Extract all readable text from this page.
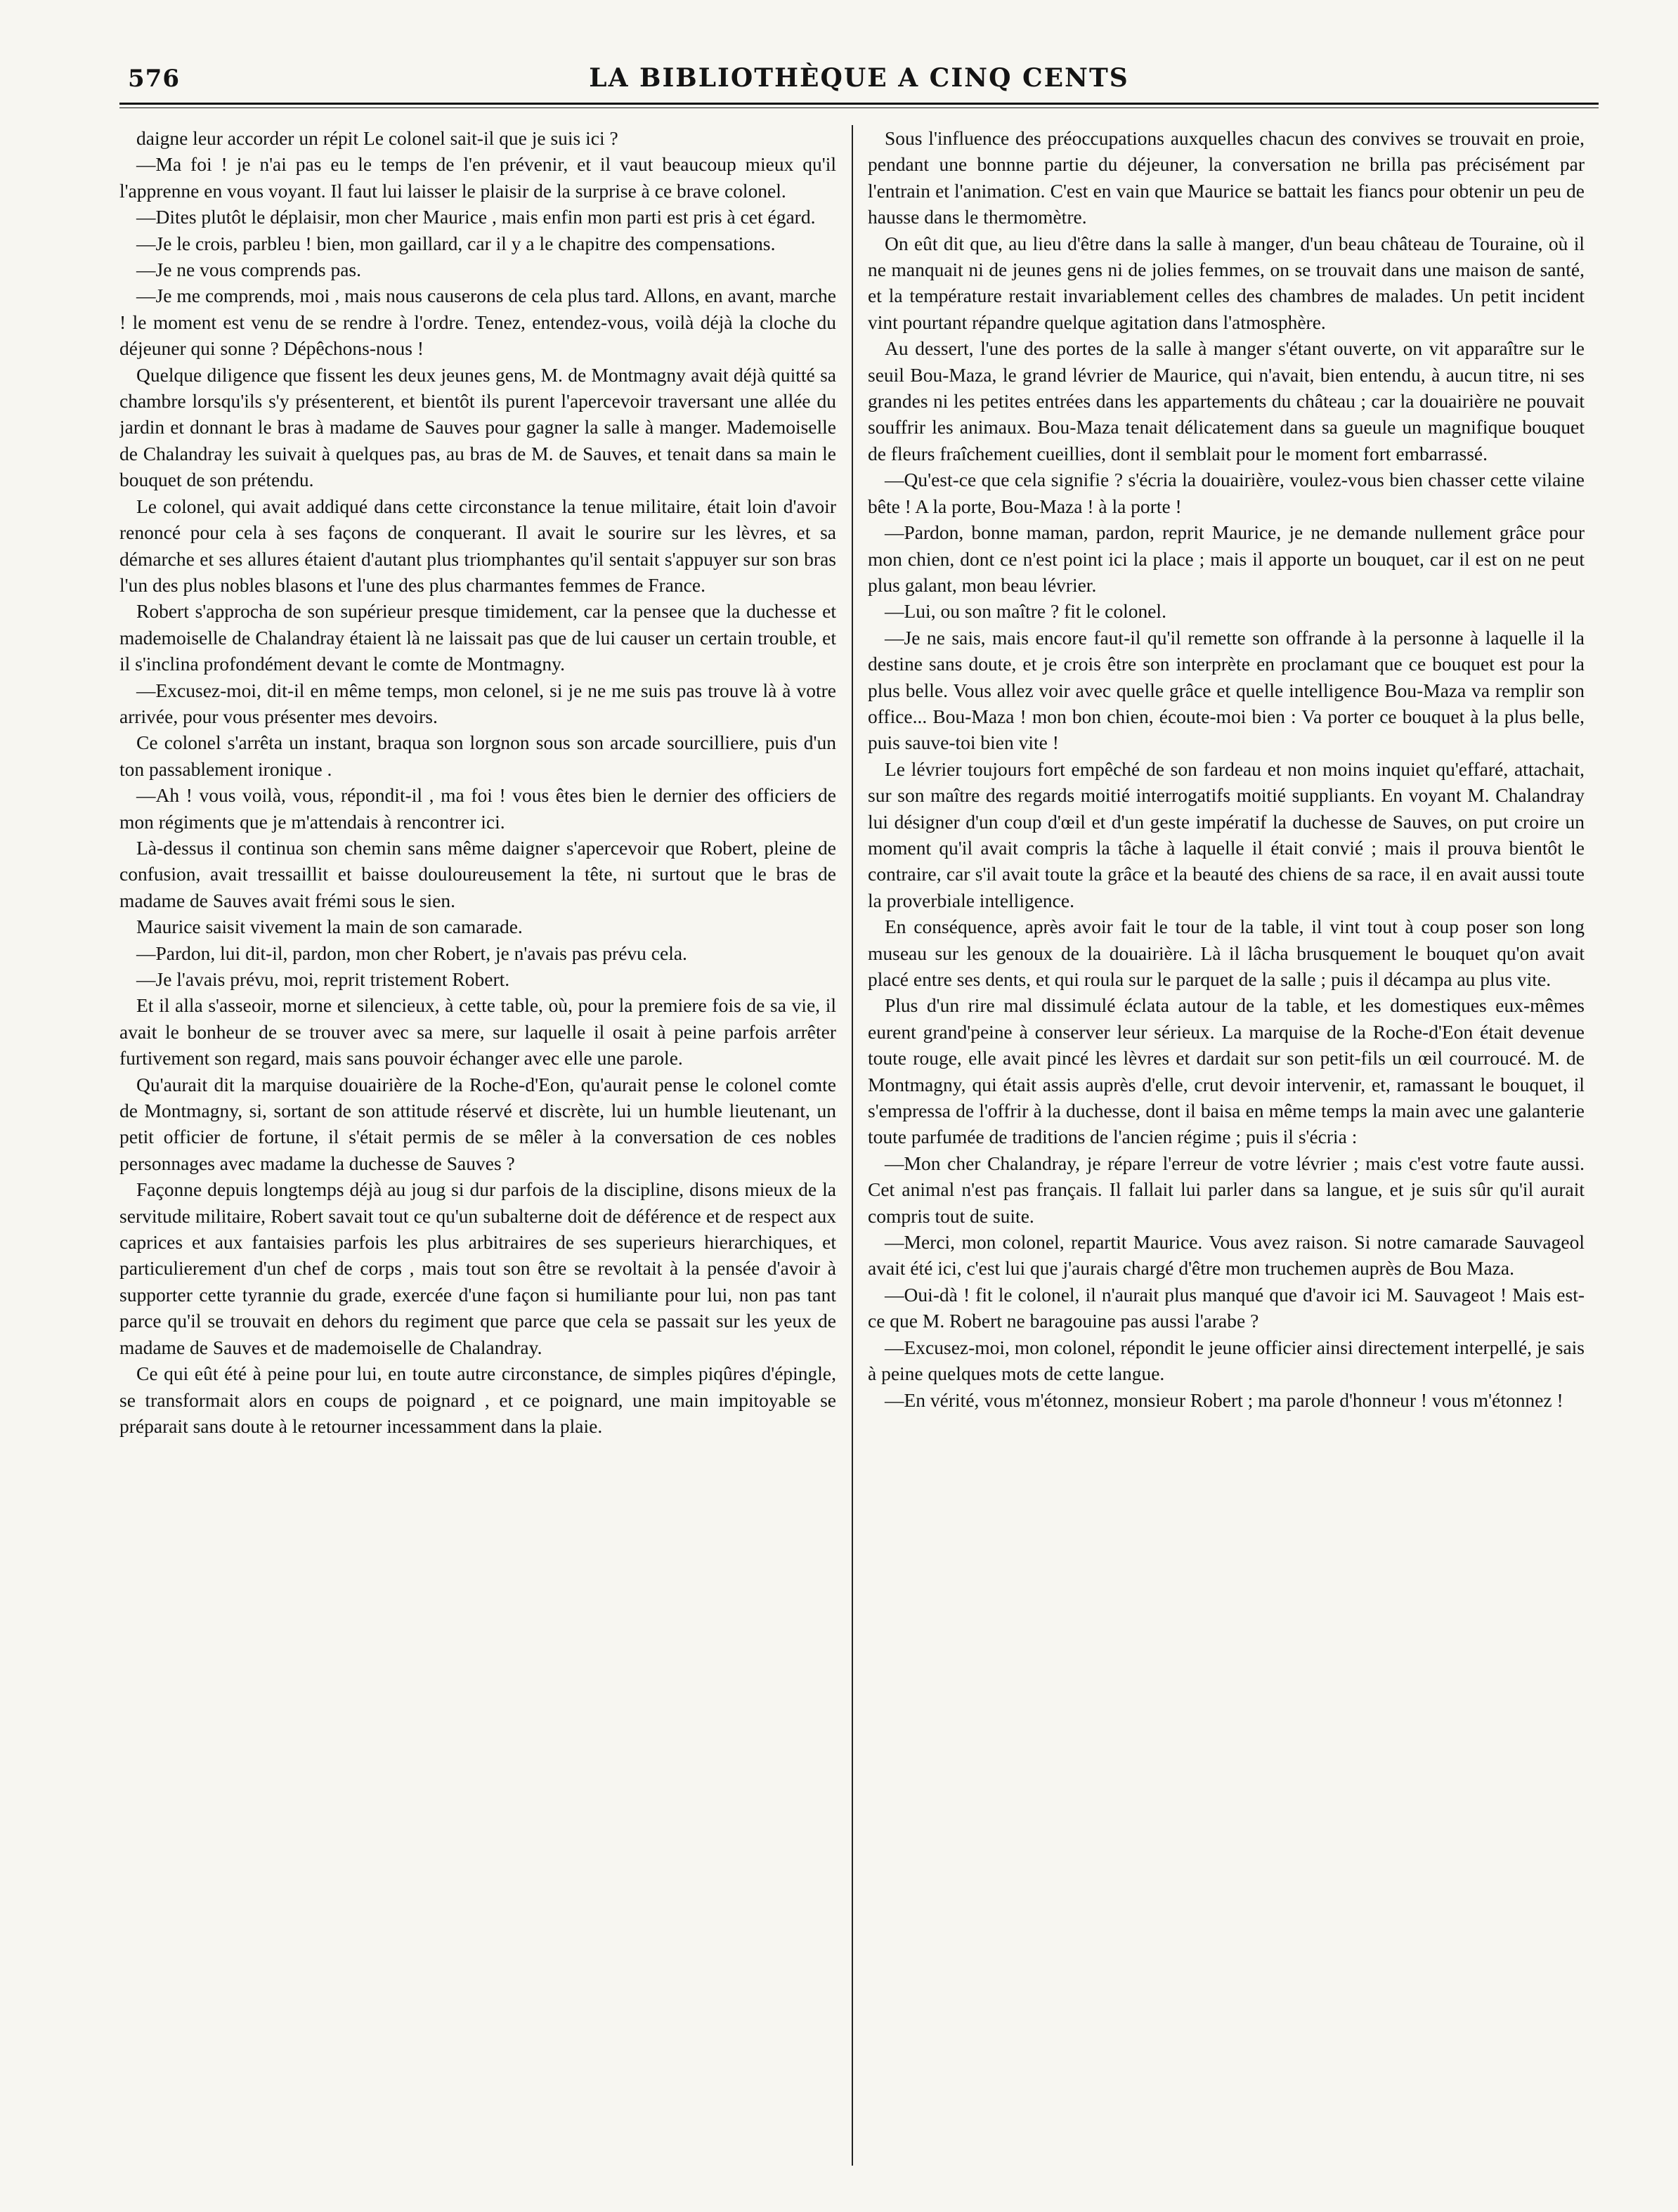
576	LA BIBLIOTHÈQUE A CINQ CENTS

daigne leur accorder un répit Le colonel sait-il que je suis ici ?

—Ma foi ! je n'ai pas eu le temps de l'en prévenir, et il vaut beaucoup mieux qu'il l'apprenne en vous voyant. Il faut lui laisser le plaisir de la surprise à ce brave colonel.

—Dites plutôt le déplaisir, mon cher Maurice , mais enfin mon parti est pris à cet égard.

—Je le crois, parbleu ! bien, mon gaillard, car il y a le chapitre des compensations.

—Je ne vous comprends pas.

—Je me comprends, moi , mais nous causerons de cela plus tard. Allons, en avant, marche ! le moment est venu de se rendre à l'ordre. Tenez, entendez-vous, voilà déjà la cloche du déjeuner qui sonne ? Dépêchons-nous !

Quelque diligence que fissent les deux jeunes gens, M. de Montmagny avait déjà quitté sa chambre lorsqu'ils s'y présenterent, et bientôt ils purent l'apercevoir traversant une allée du jardin et donnant le bras à madame de Sauves pour gagner la salle à manger. Mademoiselle de Chalandray les suivait à quelques pas, au bras de M. de Sauves, et tenait dans sa main le bouquet de son prétendu.

Le colonel, qui avait addiqué dans cette circonstance la tenue militaire, était loin d'avoir renoncé pour cela à ses façons de conquerant. Il avait le sourire sur les lèvres, et sa démarche et ses allures étaient d'autant plus triomphantes qu'il sentait s'appuyer sur son bras l'un des plus nobles blasons et l'une des plus charmantes femmes de France.

Robert s'approcha de son supérieur presque timidement, car la pensee que la duchesse et mademoiselle de Chalandray étaient là ne laissait pas que de lui causer un certain trouble, et il s'inclina profondément devant le comte de Montmagny.

—Excusez-moi, dit-il en même temps, mon celonel, si je ne me suis pas trouve là à votre arrivée, pour vous présenter mes devoirs.

Ce colonel s'arrêta un instant, braqua son lorgnon sous son arcade sourcilliere, puis d'un ton passablement ironique .

—Ah ! vous voilà, vous, répondit-il , ma foi ! vous êtes bien le dernier des officiers de mon régiments que je m'attendais à rencontrer ici.

Là-dessus il continua son chemin sans même daigner s'apercevoir que Robert, pleine de confusion, avait tressaillit et baisse douloureusement la tête, ni surtout que le bras de madame de Sauves avait frémi sous le sien.

Maurice saisit vivement la main de son camarade.

—Pardon, lui dit-il, pardon, mon cher Robert, je n'avais pas prévu cela.

—Je l'avais prévu, moi, reprit tristement Robert.

Et il alla s'asseoir, morne et silencieux, à cette table, où, pour la premiere fois de sa vie, il avait le bonheur de se trouver avec sa mere, sur laquelle il osait à peine parfois arrêter furtivement son regard, mais sans pouvoir échanger avec elle une parole.

Qu'aurait dit la marquise douairière de la Roche-d'Eon, qu'aurait pense le colonel comte de Montmagny, si, sortant de son attitude réservé et discrète, lui un humble lieutenant, un petit officier de fortune, il s'était permis de se mêler à la conversation de ces nobles personnages avec madame la duchesse de Sauves ?

Façonne depuis longtemps déjà au joug si dur parfois de la discipline, disons mieux de la servitude militaire, Robert savait tout ce qu'un subalterne doit de déférence et de respect aux caprices et aux fantaisies parfois les plus arbitraires de ses superieurs hierarchiques, et particulierement d'un chef de corps , mais tout son être se revoltait à la pensée d'avoir à supporter cette tyrannie du grade, exercée d'une façon si humiliante pour lui, non pas tant parce qu'il se trouvait en dehors du regiment que parce que cela se passait sur les yeux de madame de Sauves et de mademoiselle de Chalandray.

Ce qui eût été à peine pour lui, en toute autre circonstance, de simples piqûres d'épingle, se transformait alors en coups de poignard , et ce poignard, une main impitoyable se préparait sans doute à le retourner incessamment dans la plaie.

Sous l'influence des préoccupations auxquelles chacun des convives se trouvait en proie, pendant une bonnne partie du déjeuner, la conversation ne brilla pas précisément par l'entrain et l'animation. C'est en vain que Maurice se battait les fiancs pour obtenir un peu de hausse dans le thermomètre.

On eût dit que, au lieu d'être dans la salle à manger, d'un beau château de Touraine, où il ne manquait ni de jeunes gens ni de jolies femmes, on se trouvait dans une maison de santé, et la température restait invariablement celles des chambres de malades. Un petit incident vint pourtant répandre quelque agitation dans l'atmosphère.

Au dessert, l'une des portes de la salle à manger s'étant ouverte, on vit apparaître sur le seuil Bou-Maza, le grand lévrier de Maurice, qui n'avait, bien entendu, à aucun titre, ni ses grandes ni les petites entrées dans les appartements du château ; car la douairière ne pouvait souffrir les animaux. Bou-Maza tenait délicatement dans sa gueule un magnifique bouquet de fleurs fraîchement cueillies, dont il semblait pour le moment fort embarrassé.

—Qu'est-ce que cela signifie ? s'écria la douairière, voulez-vous bien chasser cette vilaine bête ! A la porte, Bou-Maza ! à la porte !

—Pardon, bonne maman, pardon, reprit Maurice, je ne demande nullement grâce pour mon chien, dont ce n'est point ici la place ; mais il apporte un bouquet, car il est on ne peut plus galant, mon beau lévrier.

—Lui, ou son maître ? fit le colonel.

—Je ne sais, mais encore faut-il qu'il remette son offrande à la personne à laquelle il la destine sans doute, et je crois être son interprète en proclamant que ce bouquet est pour la plus belle. Vous allez voir avec quelle grâce et quelle intelligence Bou-Maza va remplir son office... Bou-Maza ! mon bon chien, écoute-moi bien : Va porter ce bouquet à la plus belle, puis sauve-toi bien vite !

Le lévrier toujours fort empêché de son fardeau et non moins inquiet qu'effaré, attachait, sur son maître des regards moitié interrogatifs moitié suppliants. En voyant M. Chalandray lui désigner d'un coup d'œil et d'un geste impératif la duchesse de Sauves, on put croire un moment qu'il avait compris la tâche à laquelle il était convié ; mais il prouva bientôt le contraire, car s'il avait toute la grâce et la beauté des chiens de sa race, il en avait aussi toute la proverbiale intelligence.

En conséquence, après avoir fait le tour de la table, il vint tout à coup poser son long museau sur les genoux de la douairière. Là il lâcha brusquement le bouquet qu'on avait placé entre ses dents, et qui roula sur le parquet de la salle ; puis il décampa au plus vite.

Plus d'un rire mal dissimulé éclata autour de la table, et les domestiques eux-mêmes eurent grand'peine à conserver leur sérieux. La marquise de la Roche-d'Eon était devenue toute rouge, elle avait pincé les lèvres et dardait sur son petit-fils un œil courroucé. M. de Montmagny, qui était assis auprès d'elle, crut devoir intervenir, et, ramassant le bouquet, il s'empressa de l'offrir à la duchesse, dont il baisa en même temps la main avec une galanterie toute parfumée de traditions de l'ancien régime ; puis il s'écria :

—Mon cher Chalandray, je répare l'erreur de votre lévrier ; mais c'est votre faute aussi. Cet animal n'est pas français. Il fallait lui parler dans sa langue, et je suis sûr qu'il aurait compris tout de suite.

—Merci, mon colonel, repartit Maurice. Vous avez raison. Si notre camarade Sauvageol avait été ici, c'est lui que j'aurais chargé d'être mon truchemen auprès de Bou Maza.

—Oui-dà ! fit le colonel, il n'aurait plus manqué que d'avoir ici M. Sauvageot ! Mais est-ce que M. Robert ne baragouine pas aussi l'arabe ?

—Excusez-moi, mon colonel, répondit le jeune officier ainsi directement interpellé, je sais à peine quelques mots de cette langue.

—En vérité, vous m'étonnez, monsieur Robert ; ma parole d'honneur ! vous m'étonnez !
